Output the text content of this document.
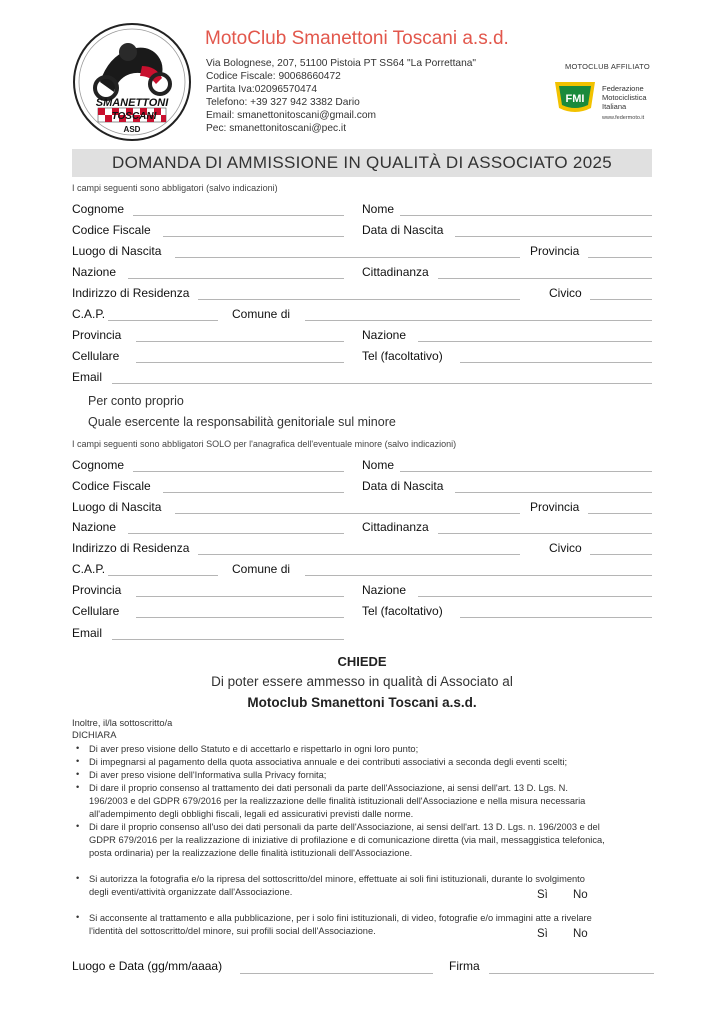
SMANETTONI
TOSCANI
ASD
MotoClub Smanettoni Toscani a.s.d.
Via Bolognese, 207, 51100 Pistoia PT SS64 "La Porrettana"
Codice Fiscale: 90068660472
Partita Iva:02096570474
Telefono: +39 327 942 3382 Dario
Email: smanettonitoscani@gmail.com
Pec: smanettonitoscani@pec.it
MOTOCLUB AFFILIATO
FMI
Federazione
Motociclistica
Italiana
www.federmoto.it
DOMANDA DI AMMISSIONE IN QUALITÀ DI ASSOCIATO 2025
I campi seguenti sono abbligatori (salvo indicazioni)
Cognome	Nome
Codice Fiscale	Data di Nascita
Luogo di Nascita	Provincia
Nazione	Cittadinanza
Indirizzo di Residenza	Civico
C.A.P.	Comune di
Provincia	Nazione
Cellulare	Tel (facoltativo)
Email
Per conto proprio
Quale esercente la responsabilità genitoriale sul minore
I campi seguenti sono abbligatori SOLO per l'anagrafica dell'eventuale minore (salvo indicazioni)
Cognome	Nome
Codice Fiscale	Data di Nascita
Luogo di Nascita	Provincia
Nazione	Cittadinanza
Indirizzo di Residenza	Civico
C.A.P.	Comune di
Provincia	Nazione
Cellulare	Tel (facoltativo)
Email
CHIEDE
Di poter essere ammesso in qualità di Associato al
Motoclub Smanettoni Toscani a.s.d.
Inoltre, il/la sottoscritto/a
DICHIARA
• Di aver preso visione dello Statuto e di accettarlo e rispettarlo in ogni loro punto;
• Di impegnarsi al pagamento della quota associativa annuale e dei contributi associativi a seconda degli eventi scelti;
• Di aver preso visione dell'Informativa sulla Privacy fornita;
• Di dare il proprio consenso al trattamento dei dati personali da parte dell'Associazione, ai sensi dell'art. 13 D. Lgs. N.
196/2003 e del GDPR 679/2016 per la realizzazione delle finalità istituzionali dell'Associazione e nella misura necessaria
all'adempimento degli obblighi fiscali, legali ed assicurativi previsti dalle norme.
• Di dare il proprio consenso all'uso dei dati personali da parte dell'Associazione, ai sensi dell'art. 13 D. Lgs. n. 196/2003 e del
GDPR 679/2016 per la realizzazione di iniziative di profilazione e di comunicazione diretta (via mail, messaggistica telefonica,
posta ordinaria) per la realizzazione delle finalità istituzionali dell'Associazione.
• Si autorizza la fotografia e/o la ripresa del sottoscritto/del minore, effettuate ai soli fini istituzionali, durante lo svolgimento
degli eventi/attività organizzate dall'Associazione.	Sì No
• Si acconsente al trattamento e alla pubblicazione, per i solo fini istituzionali, di video, fotografie e/o immagini atte a rivelare
l'identità del sottoscritto/del minore, sui profili social dell'Associazione.	Sì No
Luogo e Data (gg/mm/aaaa)	Firma
